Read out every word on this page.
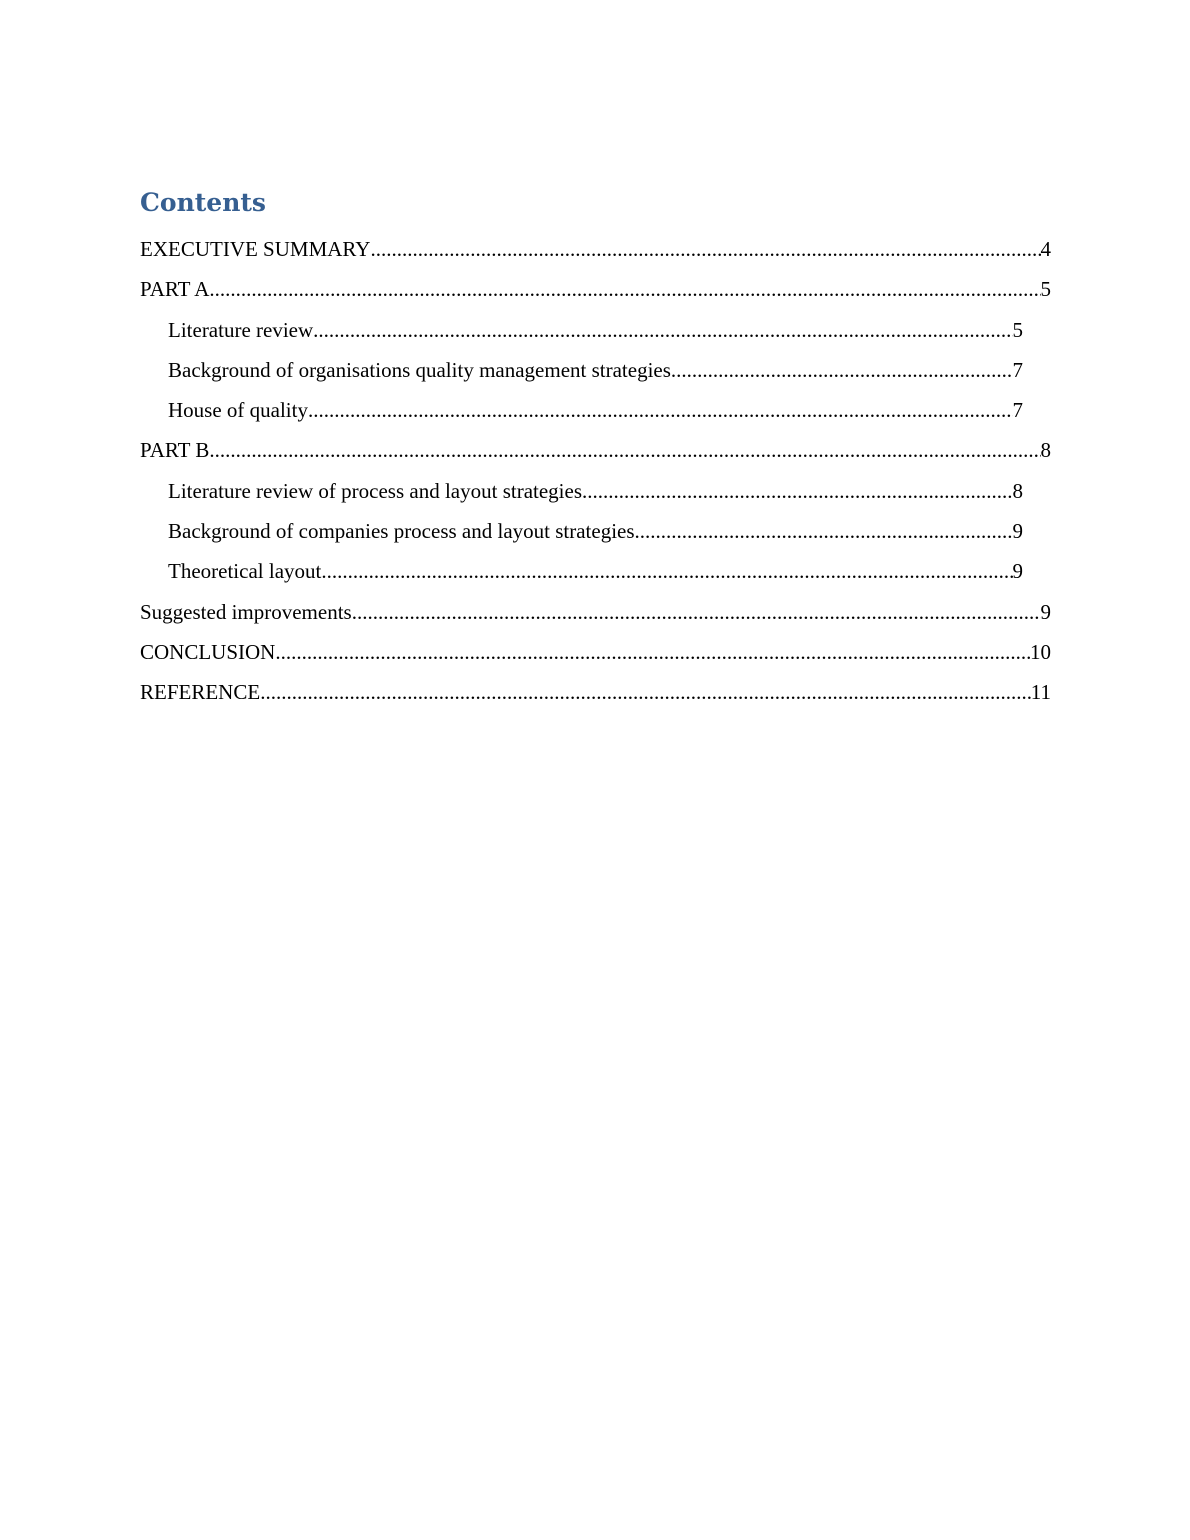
Contents
EXECUTIVE SUMMARY .....	4
PART A .....	5
Literature review .....	5
Background of organisations quality management strategies .....	7
House of quality .....	7
PART B .....	8
Literature review of process and layout strategies .....	8
Background of companies process and layout strategies .....	9
Theoretical layout .....	9
Suggested improvements .....	9
CONCLUSION .....	10
REFERENCE .....	11
